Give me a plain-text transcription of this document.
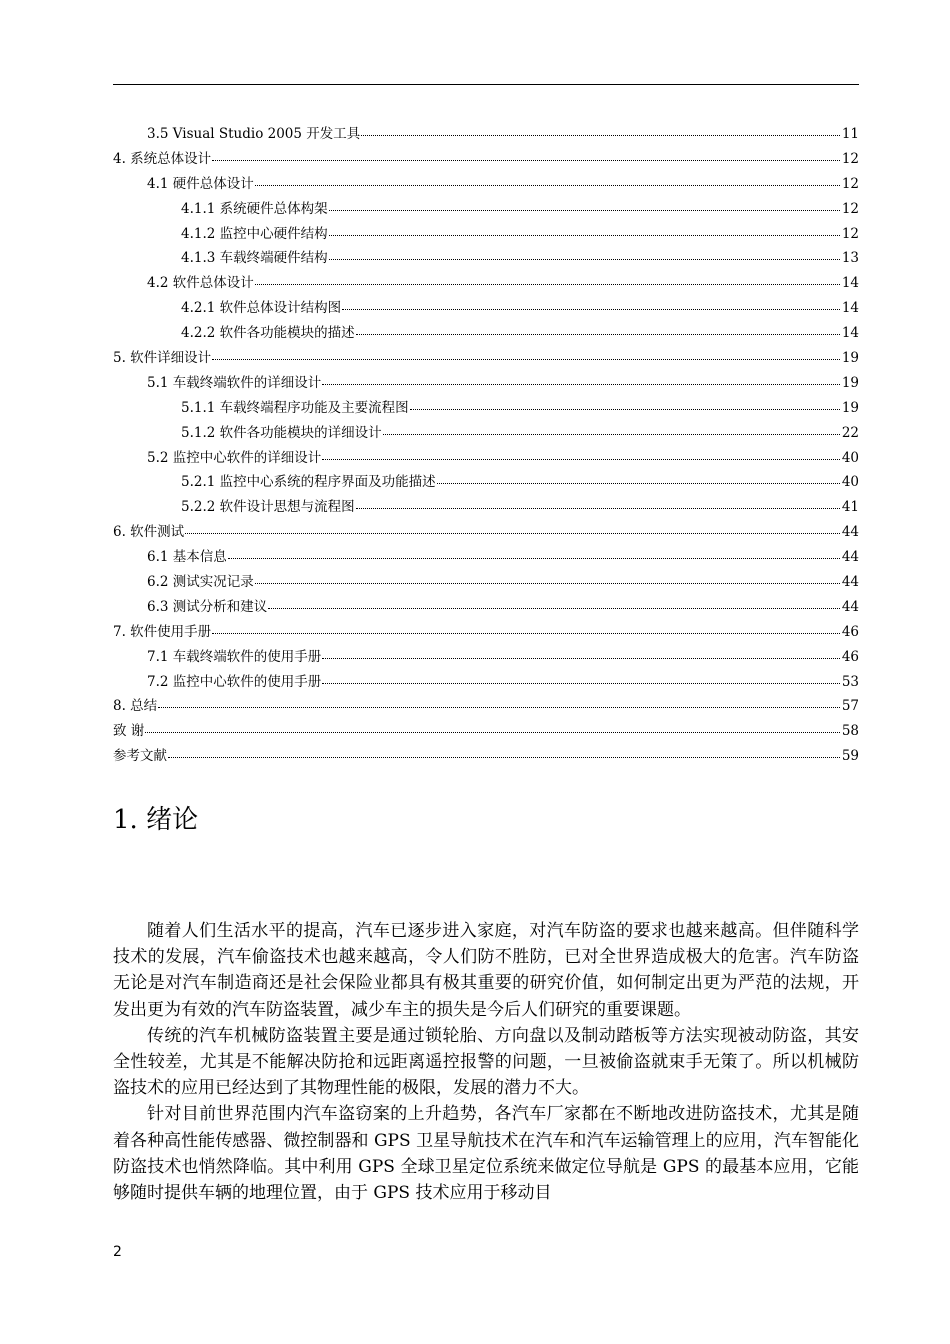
3.5 Visual Studio 2005 开发工具	11
4. 系统总体设计	12
4.1 硬件总体设计	12
4.1.1 系统硬件总体构架	12
4.1.2 监控中心硬件结构	12
4.1.3 车载终端硬件结构	13
4.2 软件总体设计	14
4.2.1 软件总体设计结构图	14
4.2.2 软件各功能模块的描述	14
5. 软件详细设计	19
5.1 车载终端软件的详细设计	19
5.1.1 车载终端程序功能及主要流程图	19
5.1.2 软件各功能模块的详细设计	22
5.2 监控中心软件的详细设计	40
5.2.1 监控中心系统的程序界面及功能描述	40
5.2.2 软件设计思想与流程图	41
6. 软件测试	44
6.1 基本信息	44
6.2 测试实况记录	44
6.3 测试分析和建议	44
7. 软件使用手册	46
7.1 车载终端软件的使用手册	46
7.2 监控中心软件的使用手册	53
8. 总结	57
致 谢	58
参考文献	59
1. 绪论

随着人们生活水平的提高，汽车已逐步进入家庭，对汽车防盗的要求也越来越高。但伴随科学技术的发展，汽车偷盗技术也越来越高，令人们防不胜防，已对全世界造成极大的危害。汽车防盗无论是对汽车制造商还是社会保险业都具有极其重要的研究价值，如何制定出更为严范的法规，开发出更为有效的汽车防盗装置，减少车主的损失是今后人们研究的重要课题。

传统的汽车机械防盗装置主要是通过锁轮胎、方向盘以及制动踏板等方法实现被动防盗，其安全性较差，尤其是不能解决防抢和远距离遥控报警的问题，一旦被偷盗就束手无策了。所以机械防盗技术的应用已经达到了其物理性能的极限，发展的潜力不大。

针对目前世界范围内汽车盗窃案的上升趋势，各汽车厂家都在不断地改进防盗技术，尤其是随着各种高性能传感器、微控制器和 GPS 卫星导航技术在汽车和汽车运输管理上的应用，汽车智能化防盗技术也悄然降临。其中利用 GPS 全球卫星定位系统来做定位导航是 GPS 的最基本应用，它能够随时提供车辆的地理位置，由于 GPS 技术应用于移动目

2
